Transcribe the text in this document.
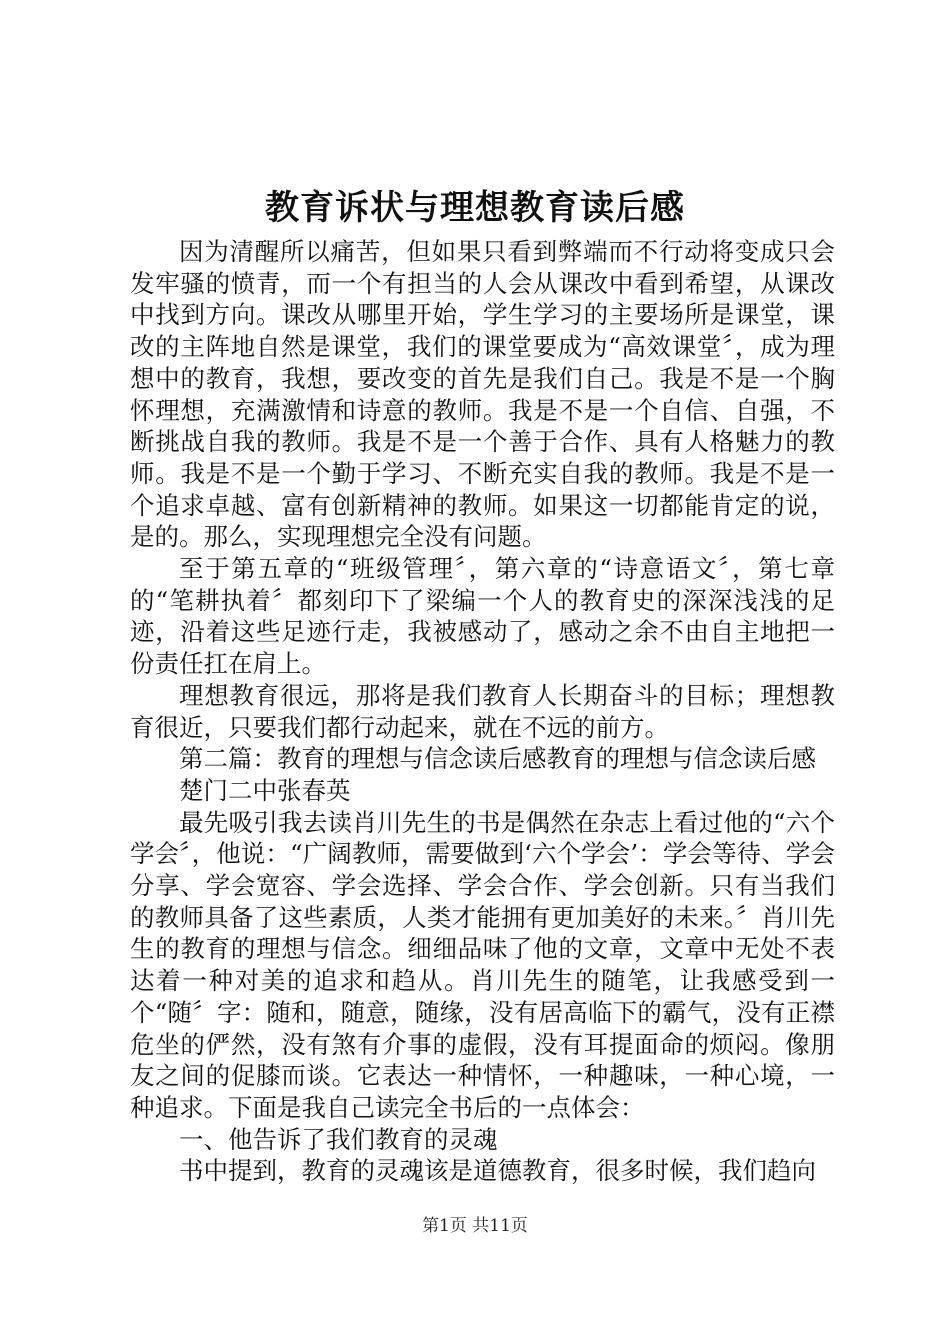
教育诉状与理想教育读后感

因为清醒所以痛苦，但如果只看到弊端而不行动将变成只会发牢骚的愤青，而一个有担当的人会从课改中看到希望，从课改中找到方向。课改从哪里开始，学生学习的主要场所是课堂，课改的主阵地自然是课堂，我们的课堂要成为“高效课堂〞，成为理想中的教育，我想，要改变的首先是我们自己。我是不是一个胸怀理想，充满激情和诗意的教师。我是不是一个自信、自强，不断挑战自我的教师。我是不是一个善于合作、具有人格魅力的教师。我是不是一个勤于学习、不断充实自我的教师。我是不是一个追求卓越、富有创新精神的教师。如果这一切都能肯定的说，是的。那么，实现理想完全没有问题。

至于第五章的“班级管理〞，第六章的“诗意语文〞，第七章的“笔耕执着〞都刻印下了梁编一个人的教育史的深深浅浅的足迹，沿着这些足迹行走，我被感动了，感动之余不由自主地把一份责任扛在肩上。

理想教育很远，那将是我们教育人长期奋斗的目标；理想教育很近，只要我们都行动起来，就在不远的前方。

第二篇：教育的理想与信念读后感教育的理想与信念读后感

楚门二中张春英

最先吸引我去读肖川先生的书是偶然在杂志上看过他的“六个学会〞，他说：“广阔教师，需要做到‘六个学会’：学会等待、学会分享、学会宽容、学会选择、学会合作、学会创新。只有当我们的教师具备了这些素质，人类才能拥有更加美好的未来。〞肖川先生的教育的理想与信念。细细品味了他的文章，文章中无处不表达着一种对美的追求和趋从。肖川先生的随笔，让我感受到一个“随〞字：随和，随意，随缘，没有居高临下的霸气，没有正襟危坐的俨然，没有煞有介事的虚假，没有耳提面命的烦闷。像朋友之间的促膝而谈。它表达一种情怀，一种趣味，一种心境，一种追求。下面是我自己读完全书后的一点体会：

一、他告诉了我们教育的灵魂

书中提到，教育的灵魂该是道德教育，很多时候，我们趋向

第1页 共11页
